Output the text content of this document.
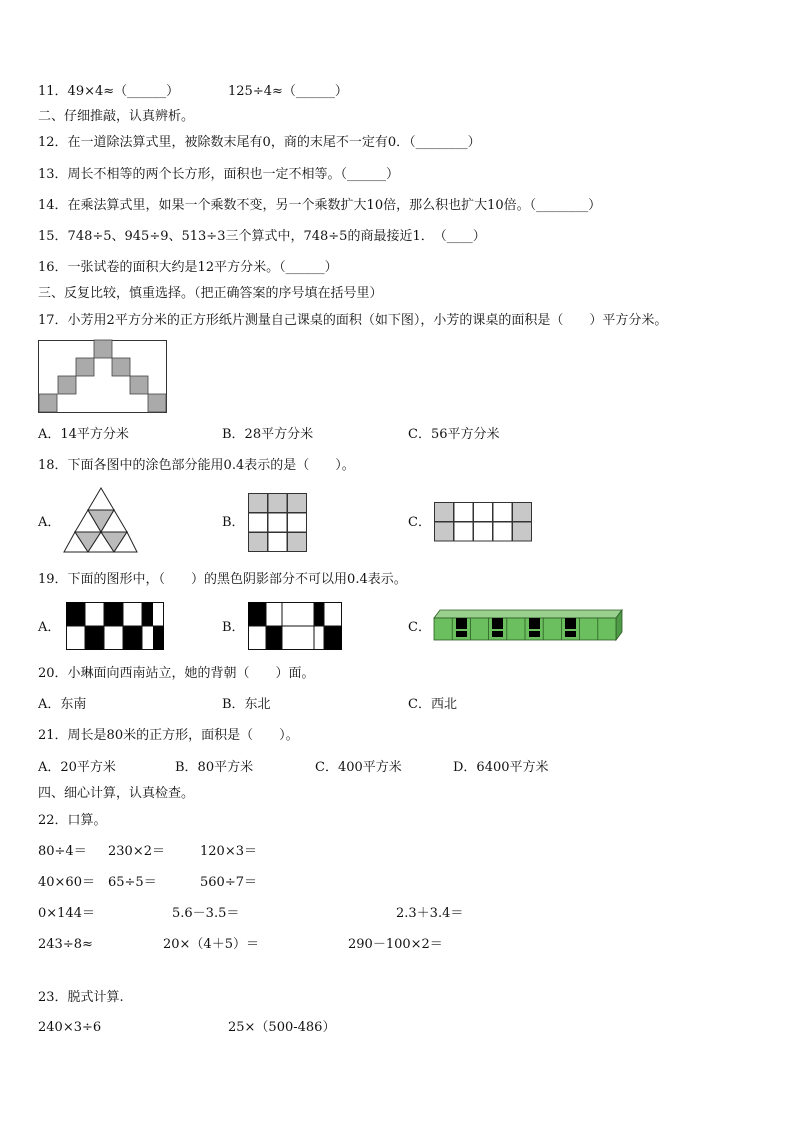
11．49×4≈（______）	125÷4≈（______）
二、仔细推敲，认真辨析。
12．在一道除法算式里，被除数末尾有0，商的末尾不一定有0．（________）
13．周长不相等的两个长方形，面积也一定不相等。（______）
14．在乘法算式里，如果一个乘数不变，另一个乘数扩大10倍，那么积也扩大10倍。（________）
15．748÷5、945÷9、513÷3三个算式中，748÷5的商最接近1．　（____）
16．一张试卷的面积大约是12平方分米。（______）
三、反复比较，慎重选择。（把正确答案的序号填在括号里）
17．小芳用2平方分米的正方形纸片测量自己课桌的面积（如下图），小芳的课桌的面积是（　　）平方分米。
A．14平方分米	B．28平方分米	C．56平方分米
18．下面各图中的涂色部分能用0.4表示的是（　　）。
A．	B．	C．
19．下面的图形中，（　　）的黑色阴影部分不可以用0.4表示。
A．	B．	C．
20．小琳面向西南站立，她的背朝（　　）面。
A．东南	B．东北	C．西北
21．周长是80米的正方形，面积是（　　）。
A．20平方米	B．80平方米	C．400平方米	D．6400平方米
四、细心计算，认真检查。
22．口算。
80÷4＝ 230×2＝	120×3＝
40×60＝ 65÷5＝	560÷7＝
0×144＝	5.6－3.5＝	2.3＋3.4＝
243÷8≈	20×（4＋5）＝	290－100×2＝
23．脱式计算.
240×3÷6	25×（500-486）
